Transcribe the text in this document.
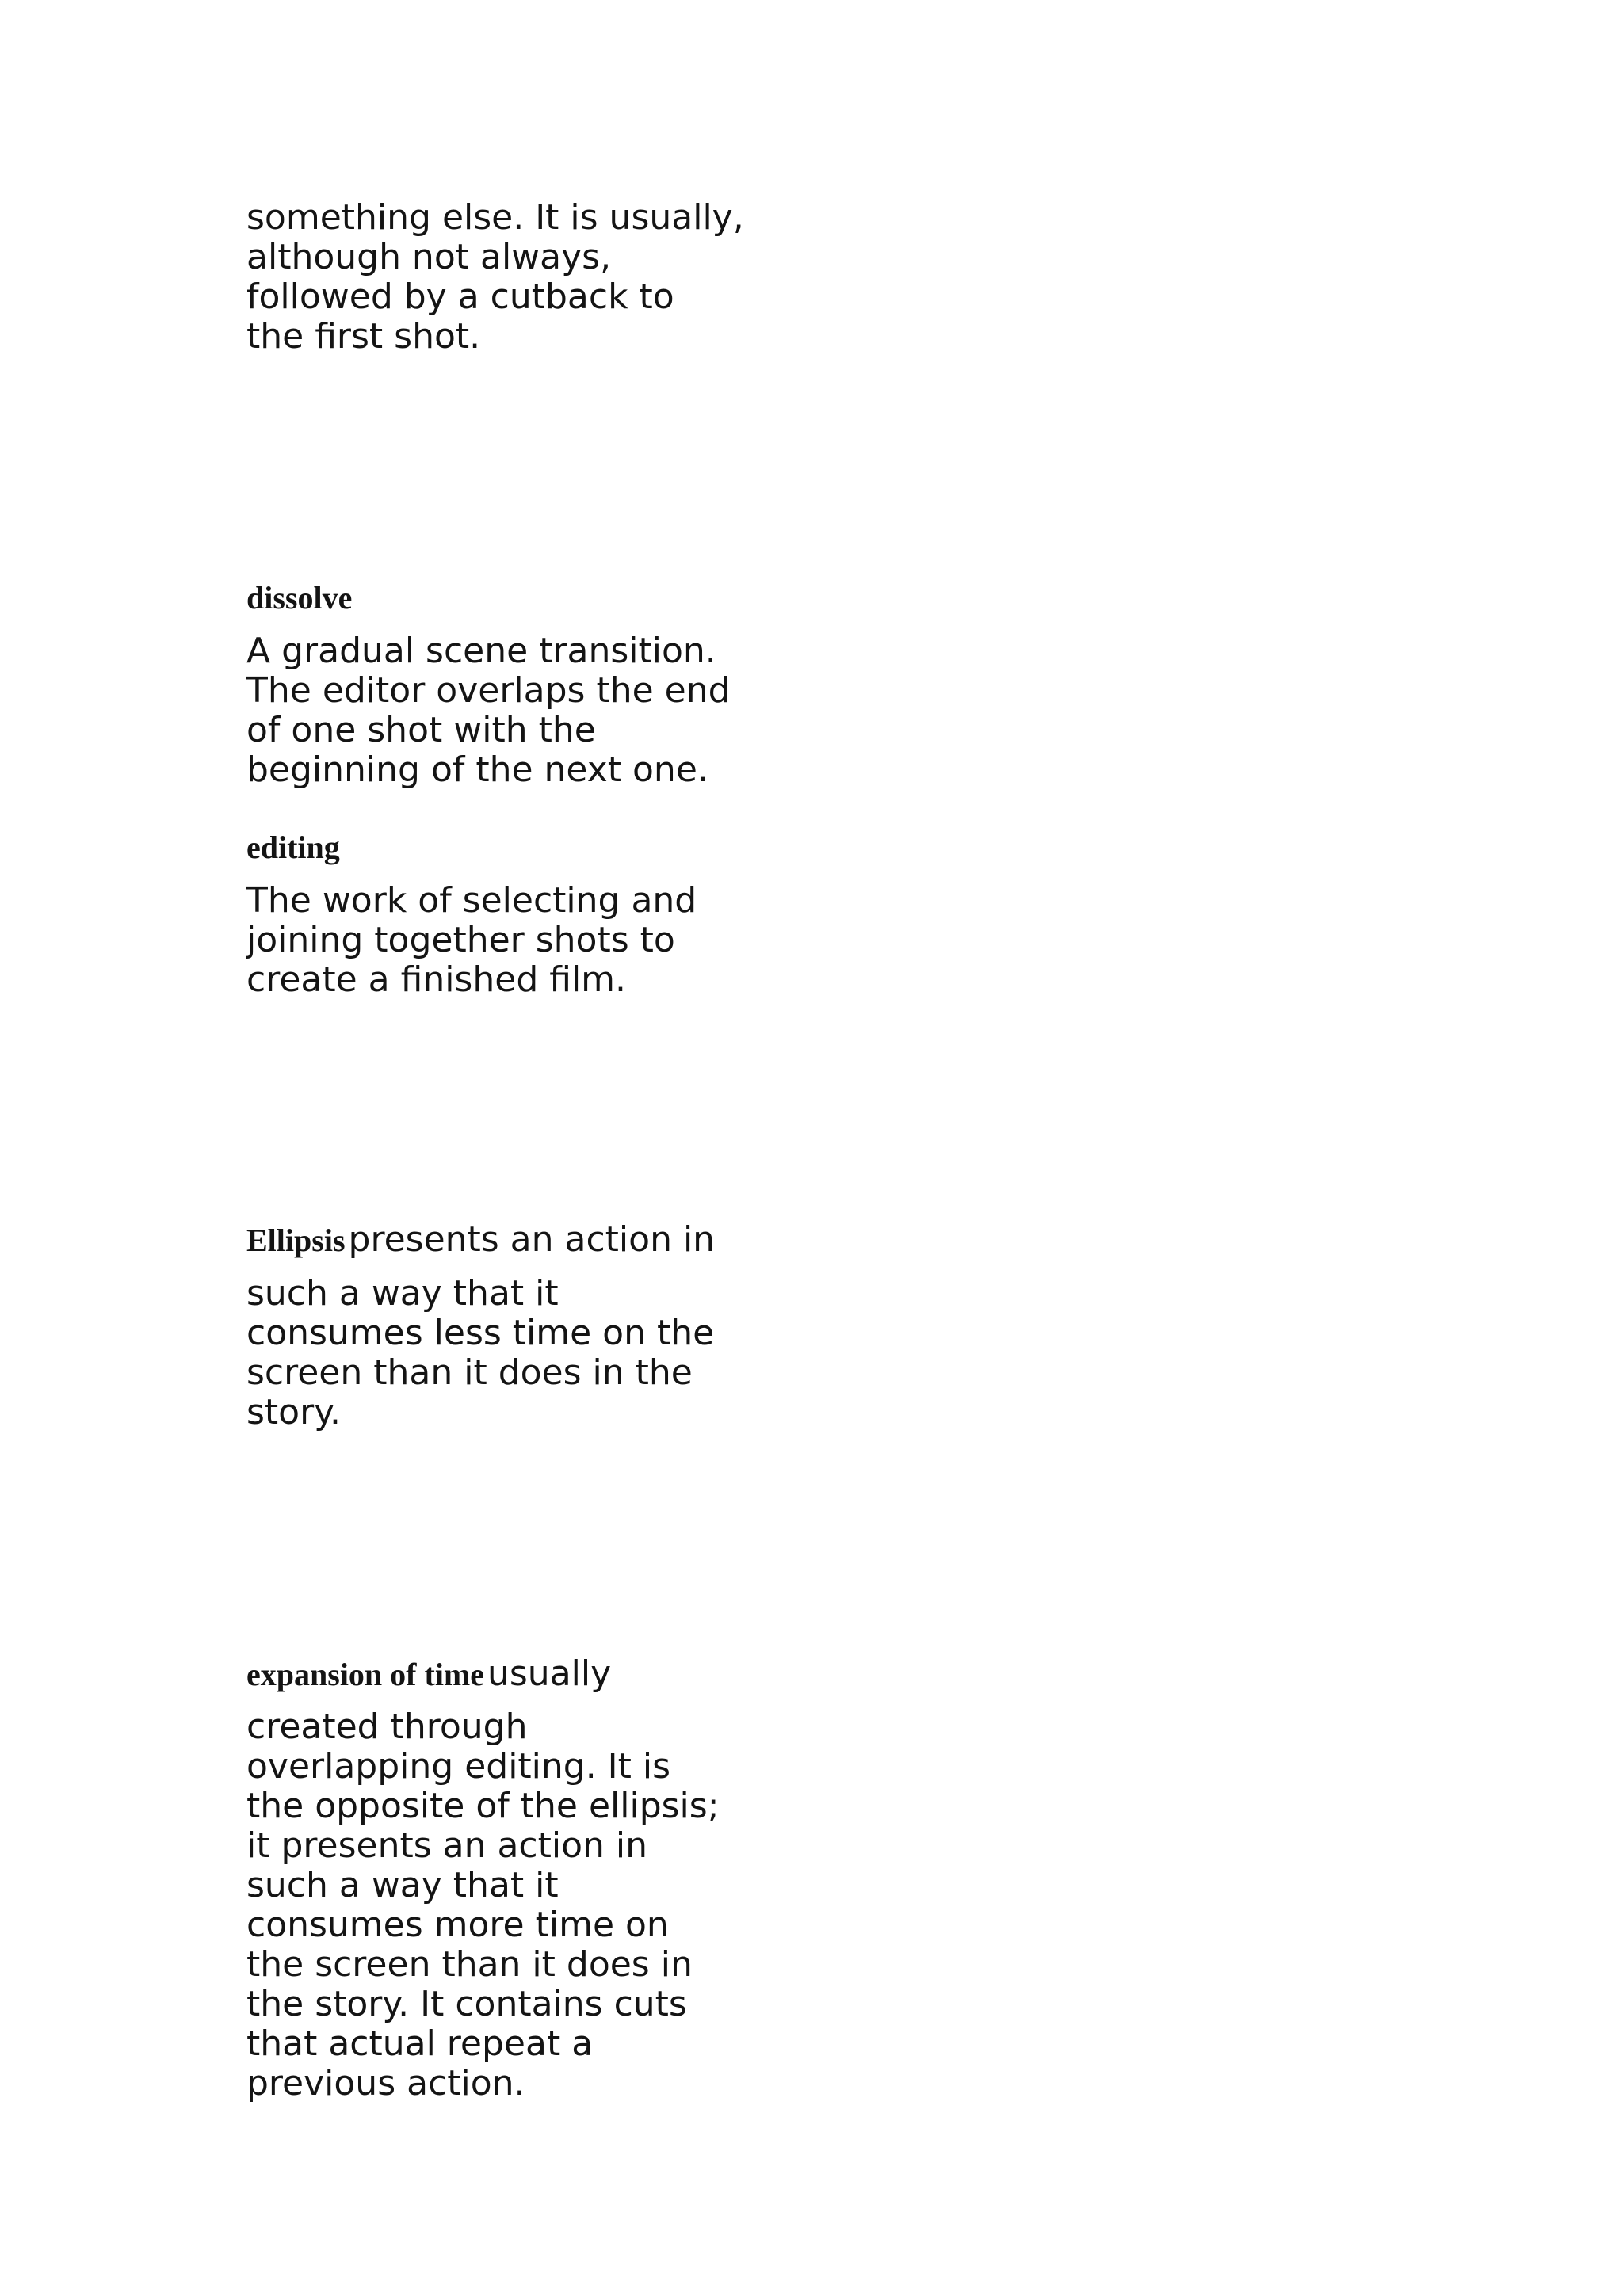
something else. It is usually,
although not always,
followed by a cutback to
the first shot.

dissolve

A gradual scene transition.
The editor overlaps the end
of one shot with the
beginning of the next one.

editing

The work of selecting and
joining together shots to
create a finished film.

Ellipsis presents an action in

such a way that it
consumes less time on the
screen than it does in the
story.

expansion of time usually

created through
overlapping editing. It is
the opposite of the ellipsis;
it presents an action in
such a way that it
consumes more time on
the screen than it does in
the story. It contains cuts
that actual repeat a
previous action.
